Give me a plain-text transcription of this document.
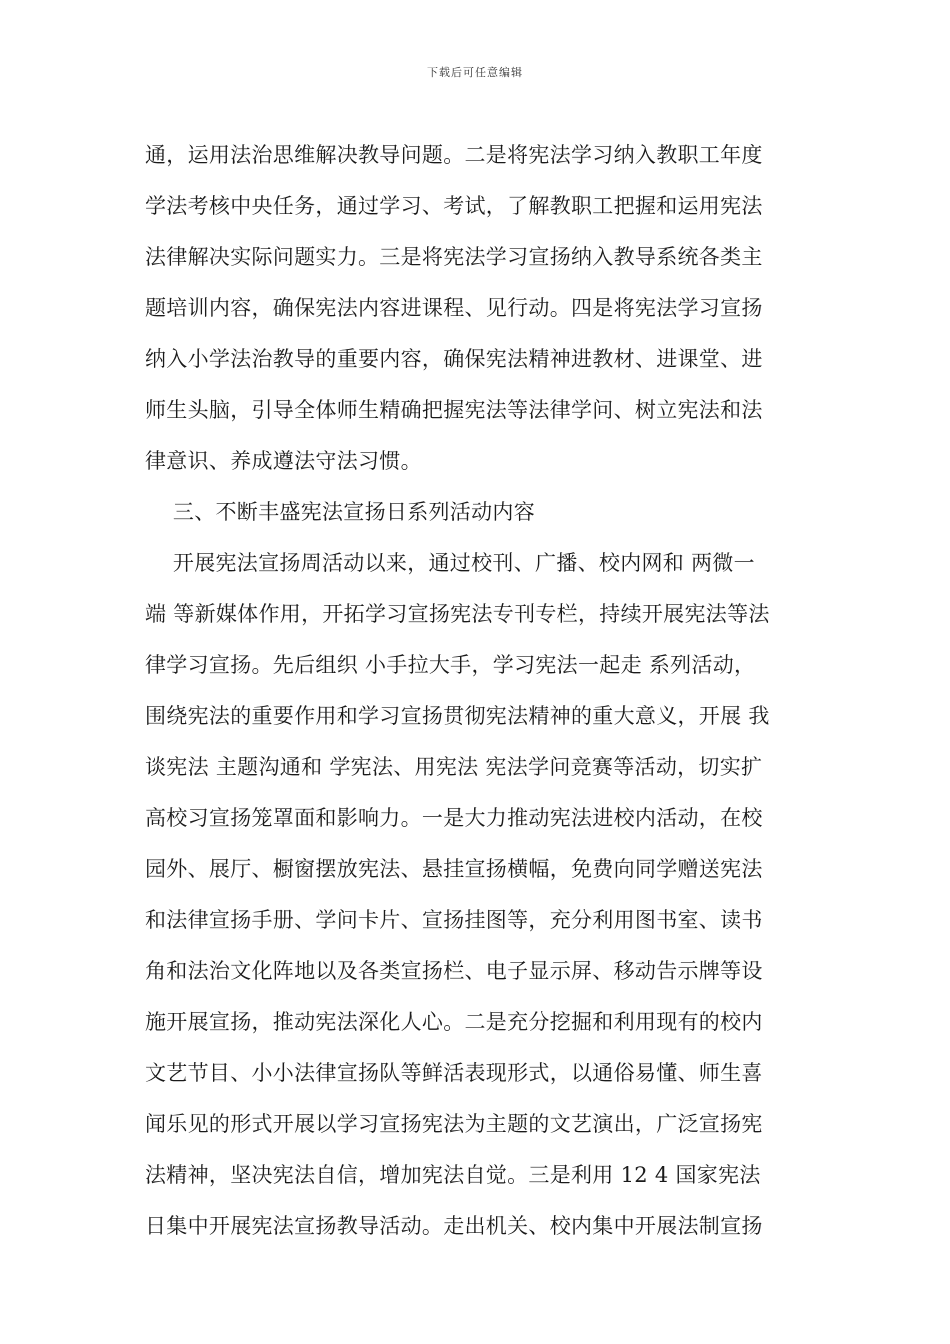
下载后可任意编辑
通，运用法治思维解决教导问题。二是将宪法学习纳入教职工年度
学法考核中央任务，通过学习、考试，了解教职工把握和运用宪法
法律解决实际问题实力。三是将宪法学习宣扬纳入教导系统各类主
题培训内容，确保宪法内容进课程、见行动。四是将宪法学习宣扬
纳入小学法治教导的重要内容，确保宪法精神进教材、进课堂、进
师生头脑，引导全体师生精确把握宪法等法律学问、树立宪法和法
律意识、养成遵法守法习惯。
三、不断丰盛宪法宣扬日系列活动内容
开展宪法宣扬周活动以来，通过校刊、广播、校内网和 两微一
端 等新媒体作用，开拓学习宣扬宪法专刊专栏，持续开展宪法等法
律学习宣扬。先后组织 小手拉大手，学习宪法一起走 系列活动，
围绕宪法的重要作用和学习宣扬贯彻宪法精神的重大意义，开展 我
谈宪法 主题沟通和 学宪法、用宪法 宪法学问竞赛等活动，切实扩
高校习宣扬笼罩面和影响力。一是大力推动宪法进校内活动，在校
园外、展厅、橱窗摆放宪法、悬挂宣扬横幅，免费向同学赠送宪法
和法律宣扬手册、学问卡片、宣扬挂图等，充分利用图书室、读书
角和法治文化阵地以及各类宣扬栏、电子显示屏、移动告示牌等设
施开展宣扬，推动宪法深化人心。二是充分挖掘和利用现有的校内
文艺节目、小小法律宣扬队等鲜活表现形式，以通俗易懂、师生喜
闻乐见的形式开展以学习宣扬宪法为主题的文艺演出，广泛宣扬宪
法精神，坚决宪法自信，增加宪法自觉。三是利用 12 4 国家宪法
日集中开展宪法宣扬教导活动。走出机关、校内集中开展法制宣扬
